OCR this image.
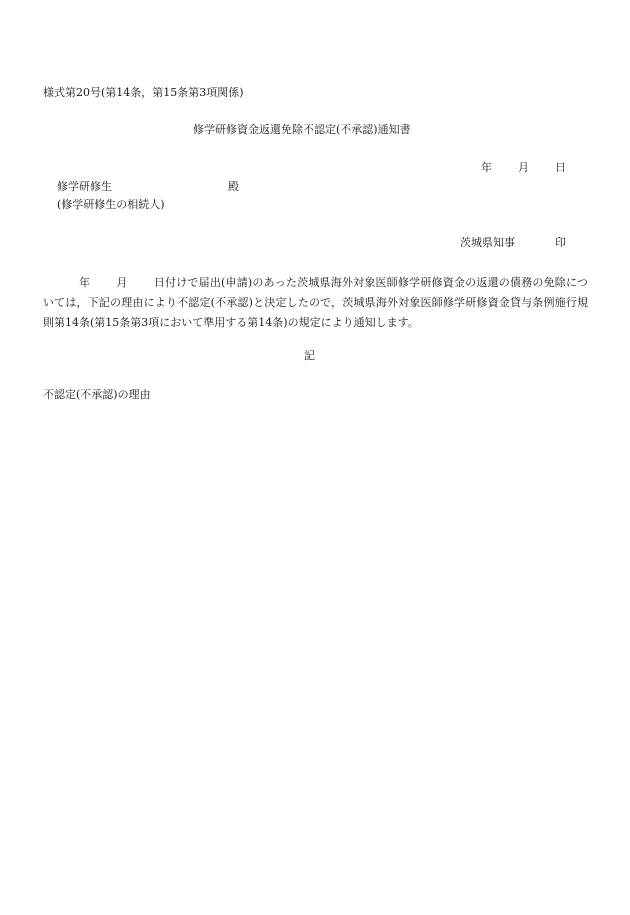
様式第20号(第14条，第15条第3項関係)
修学研修資金返還免除不認定(不承認)通知書
年 月 日
修学研修生	殿
(修学研修生の相続人)
茨城県知事	印
年 月 日付けで届出(申請)のあった茨城県海外対象医師修学研修資金の返還の債務の免除については，下記の理由により不認定(不承認)と決定したので，茨城県海外対象医師修学研修資金貸与条例施行規則第14条(第15条第3項において準用する第14条)の規定により通知します。
記
不認定(不承認)の理由
